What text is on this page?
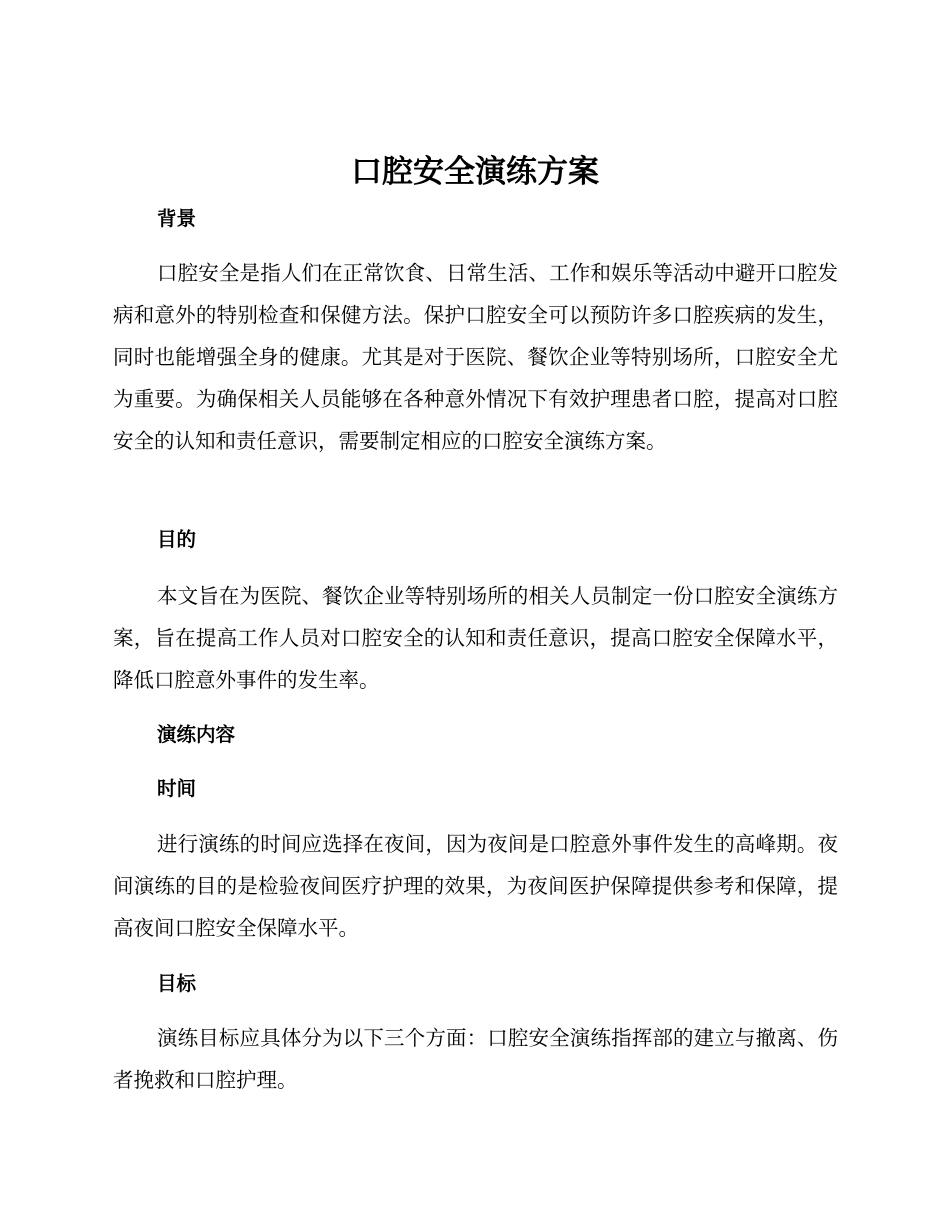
口腔安全演练方案
背景

口腔安全是指人们在正常饮食、日常生活、工作和娱乐等活动中避开口腔发病和意外的特别检查和保健方法。保护口腔安全可以预防许多口腔疾病的发生，同时也能增强全身的健康。尤其是对于医院、餐饮企业等特别场所，口腔安全尤为重要。为确保相关人员能够在各种意外情况下有效护理患者口腔，提高对口腔安全的认知和责任意识，需要制定相应的口腔安全演练方案。

目的

本文旨在为医院、餐饮企业等特别场所的相关人员制定一份口腔安全演练方案，旨在提高工作人员对口腔安全的认知和责任意识，提高口腔安全保障水平，降低口腔意外事件的发生率。

演练内容
时间

进行演练的时间应选择在夜间，因为夜间是口腔意外事件发生的高峰期。夜间演练的目的是检验夜间医疗护理的效果，为夜间医护保障提供参考和保障，提高夜间口腔安全保障水平。

目标

演练目标应具体分为以下三个方面：口腔安全演练指挥部的建立与撤离、伤者挽救和口腔护理。
